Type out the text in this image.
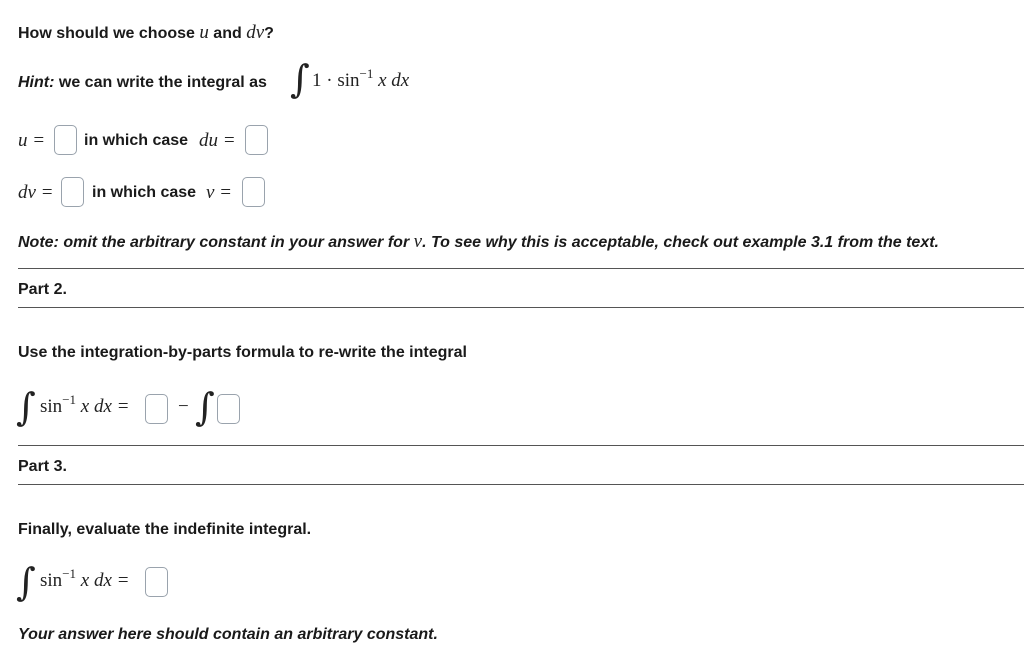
How should we choose u and dv?
Hint: we can write the integral as ∫ $1 \cdot \sin^{-1} x$ dx
u = in which case du =
dv = in which case v =
Note: omit the arbitrary constant in your answer for v. To see why this is acceptable, check out example 3.1 from the text.
Part 2.
Use the integration-by-parts formula to re-write the integral
∫ $\sin^{-1} x$ dx =	− ∫
Part 3.
Finally, evaluate the indefinite integral.
∫ $\sin^{-1} x$ dx =
Your answer here should contain an arbitrary constant.
